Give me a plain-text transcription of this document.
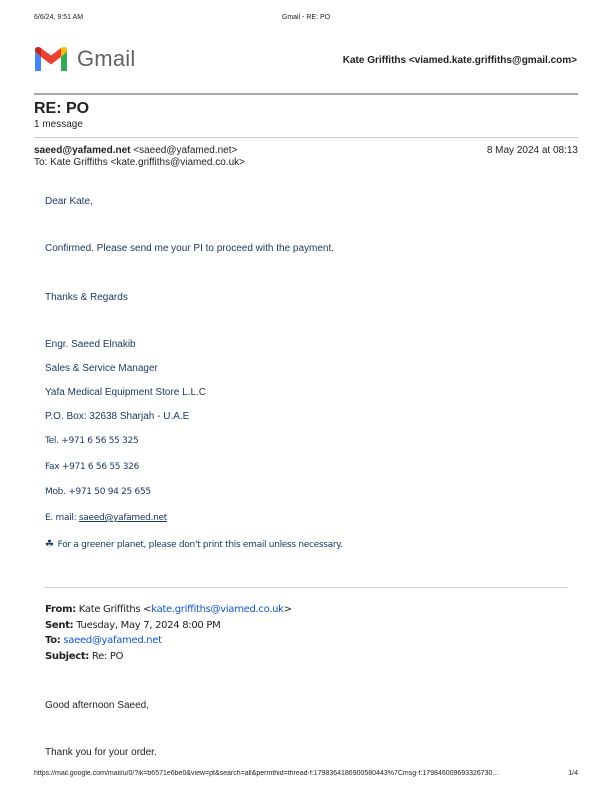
6/6/24, 9:51 AM	Gmail - RE: PO
Gmail	Kate Griffiths <viamed.kate.griffiths@gmail.com>
RE: PO
1 message
saeed@yafamed.net <saeed@yafamed.net>	8 May 2024 at 08:13
To: Kate Griffiths <kate.griffiths@viamed.co.uk>
Dear Kate,
Confirmed. Please send me your PI to proceed with the payment.
Thanks & Regards
Engr. Saeed Elnakib
Sales & Service Manager
Yafa Medical Equipment Store L.L.C
P.O. Box: 32638 Sharjah - U.A.E
Tel. +971 6 56 55 325
Fax +971 6 56 55 326
Mob. +971 50 94 25 655
E. mail: saeed@yafamed.net
☘ For a greener planet, please don't print this email unless necessary.
From: Kate Griffiths <kate.griffiths@viamed.co.uk>
Sent: Tuesday, May 7, 2024 8:00 PM
To: saeed@yafamed.net
Subject: Re: PO
Good afternoon Saeed,
Thank you for your order.
https://mail.google.com/mail/u/0/?ik=b6571e6be0&view=pt&search=all&permthid=thread-f:1798364186900580443%7Cmsg-f:179846009693326730…	1/4
